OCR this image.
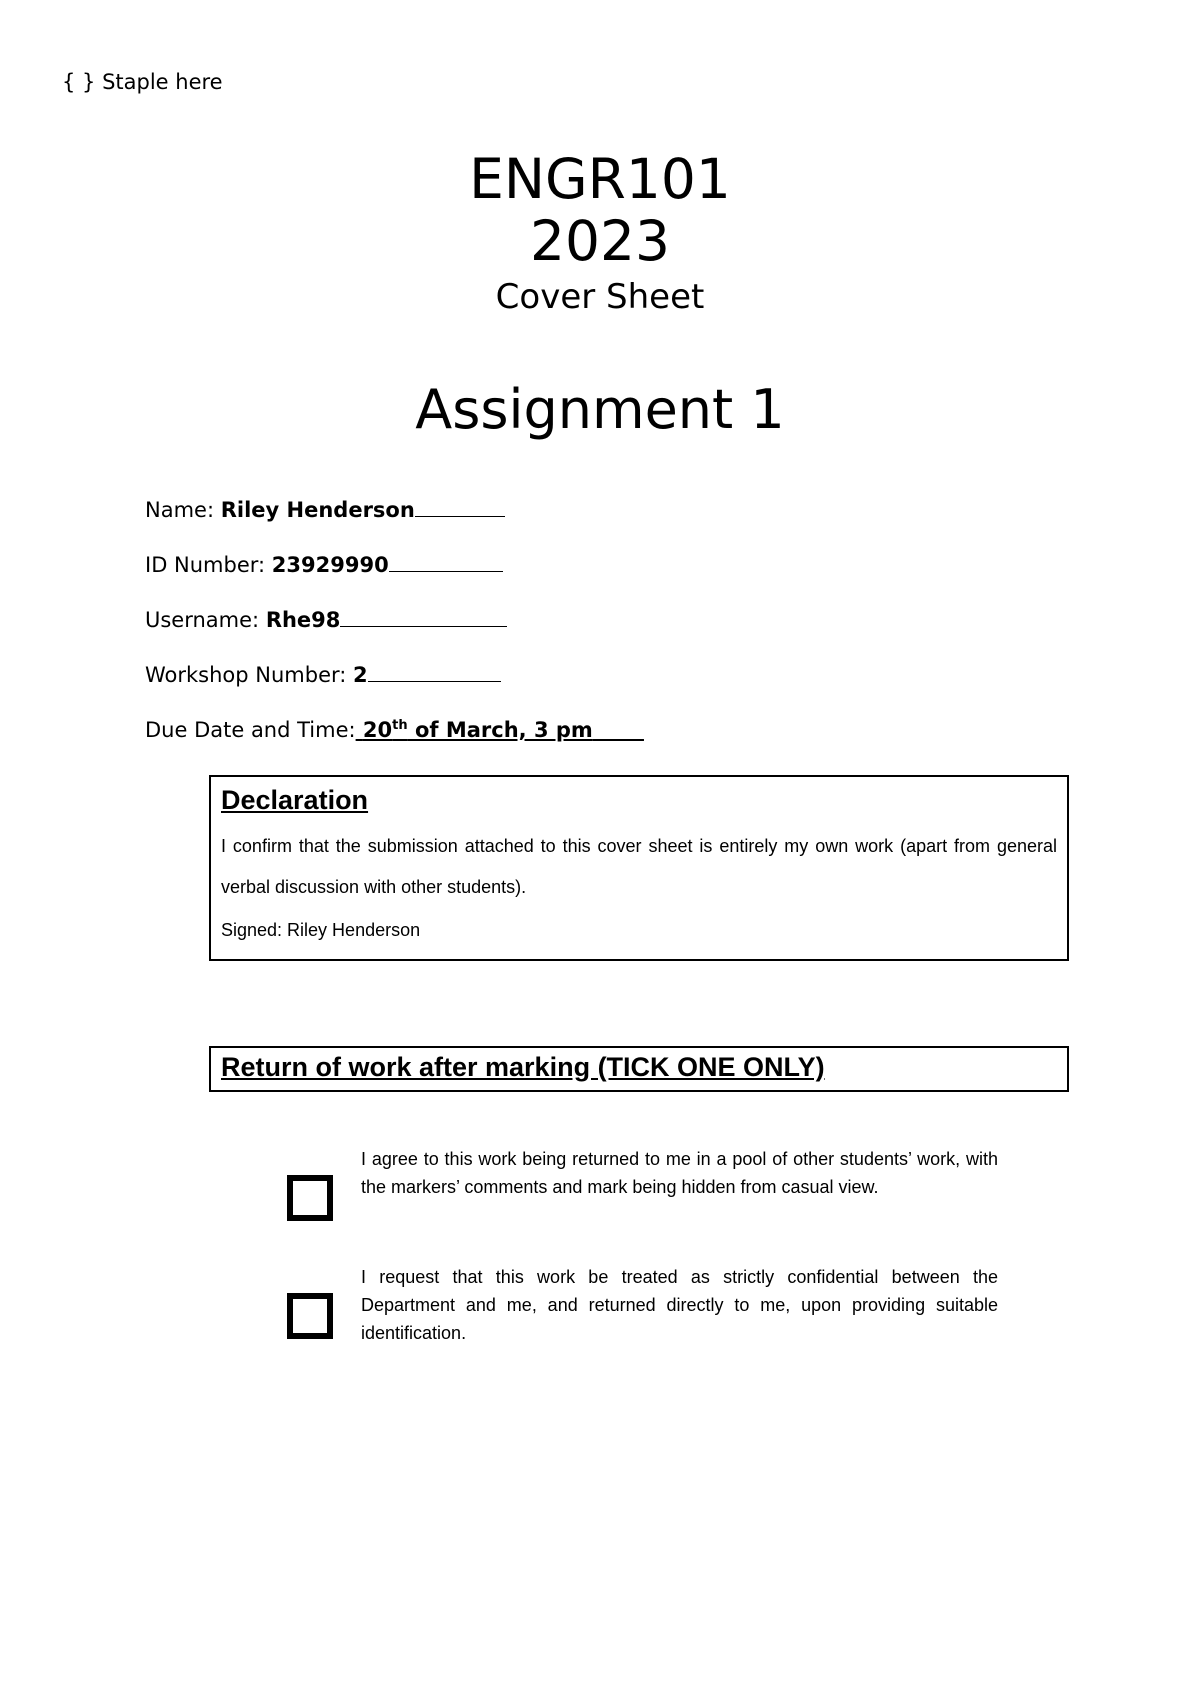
{ } Staple here
ENGR101
2023
Cover Sheet
Assignment 1
Name: Riley Henderson
ID Number: 23929990
Username: Rhe98
Workshop Number: 2
Due Date and Time: 20th of March, 3 pm
Declaration

I confirm that the submission attached to this cover sheet is entirely my own work (apart from general verbal discussion with other students).

Signed: Riley Henderson
Return of work after marking (TICK ONE ONLY)

I agree to this work being returned to me in a pool of other students’ work, with the markers’ comments and mark being hidden from casual view.

I request that this work be treated as strictly confidential between the Department and me, and returned directly to me, upon providing suitable identification.
